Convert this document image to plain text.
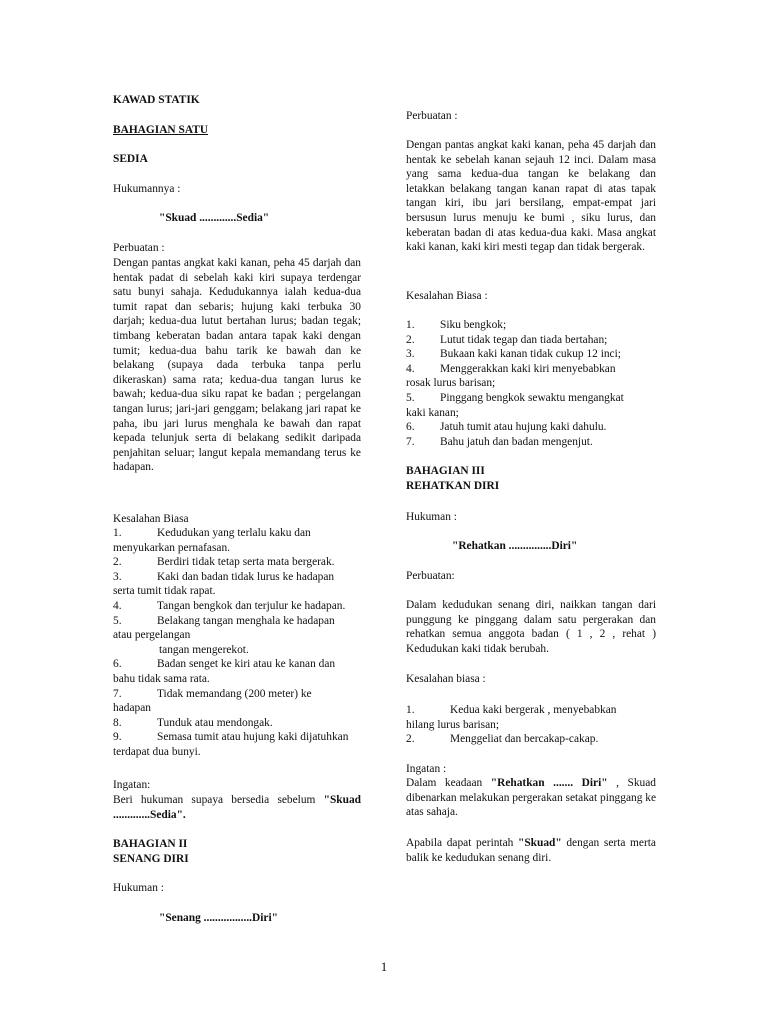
KAWAD STATIK

BAHAGIAN SATU

SEDIA

Hukumannya :

"Skuad .............Sedia"

Perbuatan :

Dengan pantas angkat kaki kanan, peha 45 darjah dan hentak padat di sebelah kaki kiri supaya terdengar satu bunyi sahaja. Kedudukannya ialah kedua-dua tumit rapat dan sebaris; hujung kaki terbuka 30 darjah; kedua-dua lutut bertahan lurus; badan tegak; timbang keberatan badan antara tapak kaki dengan tumit; kedua-dua bahu tarik ke bawah dan ke belakang (supaya dada terbuka tanpa perlu dikeraskan) sama rata; kedua-dua tangan lurus ke bawah; kedua-dua siku rapat ke badan ; pergelangan tangan lurus; jari-jari genggam; belakang jari rapat ke paha, ibu jari lurus menghala ke bawah dan rapat kepada telunjuk serta di belakang sedikit daripada penjahitan seluar; langut kepala memandang terus ke hadapan.

Kesalahan Biasa

1.	Kedudukan yang terlalu kaku dan
menyukarkan pernafasan.
2.	Berdiri tidak tetap serta mata bergerak.
3.	Kaki dan badan tidak lurus ke hadapan
serta tumit tidak rapat.
4.	Tangan bengkok dan terjulur ke hadapan.
5.	Belakang tangan menghala ke hadapan
atau pergelangan
tangan mengerekot.
6.	Badan senget ke kiri atau ke kanan dan
bahu tidak sama rata.
7.	Tidak memandang (200 meter) ke
hadapan
8.	Tunduk atau mendongak.
9.	Semasa tumit atau hujung kaki dijatuhkan
terdapat dua bunyi.

Ingatan:

Beri hukuman supaya bersedia sebelum "Skuad .............Sedia".

BAHAGIAN II

SENANG DIRI

Hukuman :

"Senang .................Diri"

Perbuatan :

Dengan pantas angkat kaki kanan, peha 45 darjah dan hentak ke sebelah kanan sejauh 12 inci. Dalam masa yang sama kedua-dua tangan ke belakang dan letakkan belakang tangan kanan rapat di atas tapak tangan kiri, ibu jari bersilang, empat-empat jari bersusun lurus menuju ke bumi , siku lurus, dan keberatan badan di atas kedua-dua kaki. Masa angkat kaki kanan, kaki kiri mesti tegap dan tidak bergerak.

Kesalahan Biasa :

1. Siku bengkok;
2. Lutut tidak tegap dan tiada bertahan;
3. Bukaan kaki kanan tidak cukup 12 inci;
4. Menggerakkan kaki kiri menyebabkan
rosak lurus barisan;
5. Pinggang bengkok sewaktu mengangkat
kaki kanan;
6. Jatuh tumit atau hujung kaki dahulu.
7. Bahu jatuh dan badan mengenjut.

BAHAGIAN III

REHATKAN DIRI

Hukuman :

"Rehatkan ...............Diri"

Perbuatan:

Dalam kedudukan senang diri, naikkan tangan dari punggung ke pinggang dalam satu pergerakan dan rehatkan semua anggota badan ( 1 , 2 , rehat ) Kedudukan kaki tidak berubah.

Kesalahan biasa :

1.	Kedua kaki bergerak , menyebabkan
hilang lurus barisan;
2.	Menggeliat dan bercakap-cakap.

Ingatan :

Dalam keadaan "Rehatkan ....... Diri" , Skuad dibenarkan melakukan pergerakan setakat pinggang ke atas sahaja.

Apabila dapat perintah "Skuad" dengan serta merta balik ke kedudukan senang diri.

1
